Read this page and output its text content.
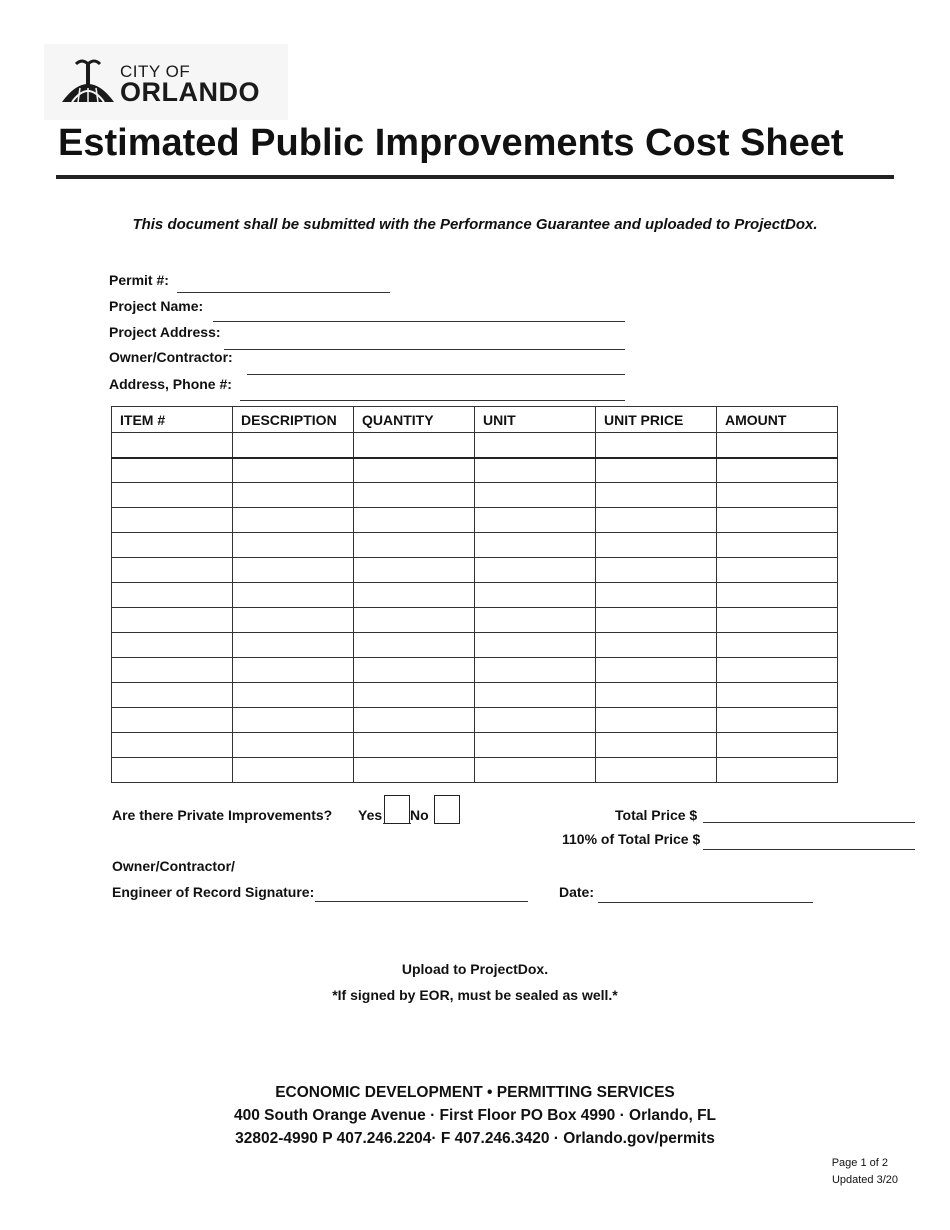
CITY OF
ORLANDO
Estimated Public Improvements Cost Sheet
This document shall be submitted with the Performance Guarantee and uploaded to ProjectDox.
Permit #:
Project Name:
Project Address:
Owner/Contractor:
Address, Phone #:
ITEM #	DESCRIPTION	QUANTITY	UNIT	UNIT PRICE	AMOUNT

Are there Private Improvements? Yes No	Total Price $
110% of Total Price $
Owner/Contractor/
Engineer of Record Signature:	Date:
Upload to ProjectDox.
*If signed by EOR, must be sealed as well.*
ECONOMIC DEVELOPMENT • PERMITTING SERVICES
400 South Orange Avenue · First Floor PO Box 4990 · Orlando, FL
32802-4990 P 407.246.2204· F 407.246.3420 · Orlando.gov/permits
Page 1 of 2
Updated 3/20
